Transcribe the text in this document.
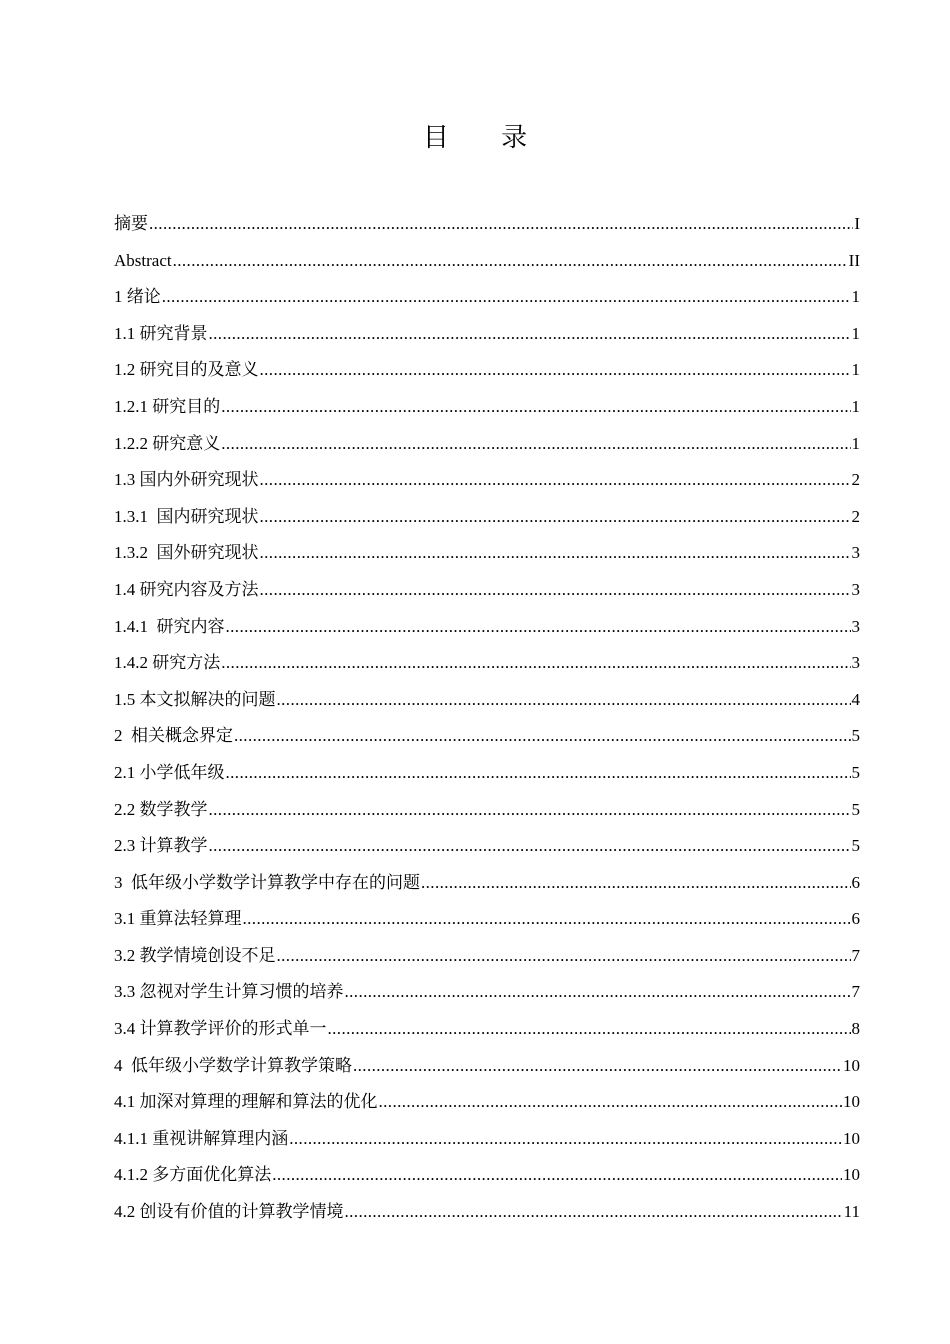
目 录
摘要 .....	I
Abstract .....	II
1 绪论 .....	1
1.1 研究背景 .....	1
1.2 研究目的及意义 .....	1
1.2.1 研究目的 .....	1
1.2.2 研究意义 .....	1
1.3 国内外研究现状 .....	2
1.3.1  国内研究现状 .....	2
1.3.2  国外研究现状 .....	3
1.4 研究内容及方法 .....	3
1.4.1  研究内容 .....	3
1.4.2 研究方法 .....	3
1.5 本文拟解决的问题 .....	4
2  相关概念界定 .....	5
2.1 小学低年级 .....	5
2.2 数学教学 .....	5
2.3 计算教学 .....	5
3  低年级小学数学计算教学中存在的问题 .....	6
3.1 重算法轻算理 .....	6
3.2 教学情境创设不足 .....	7
3.3 忽视对学生计算习惯的培养 .....	7
3.4 计算教学评价的形式单一 .....	8
4  低年级小学数学计算教学策略 .....	10
4.1 加深对算理的理解和算法的优化 .....	10
4.1.1 重视讲解算理内涵 .....	10
4.1.2 多方面优化算法 .....	10
4.2 创设有价值的计算教学情境 .....	11
